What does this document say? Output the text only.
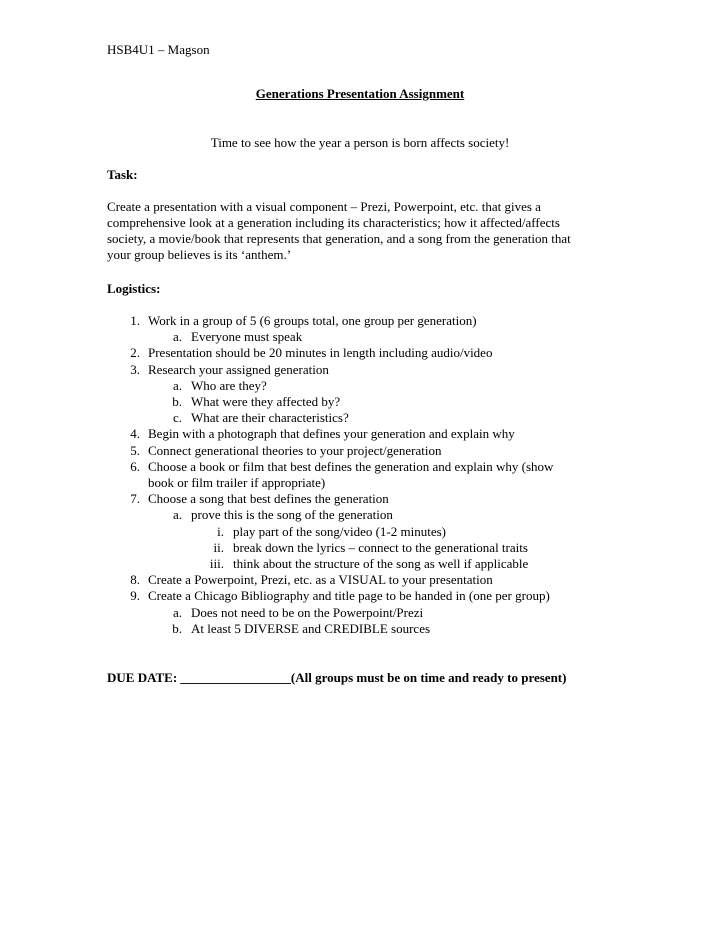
HSB4U1 – Magson
Generations Presentation Assignment
Time to see how the year a person is born affects society!
Task:
Create a presentation with a visual component – Prezi, Powerpoint, etc. that gives a
comprehensive look at a generation including its characteristics; how it affected/affects
society, a movie/book that represents that generation, and a song from the generation that
your group believes is its ‘anthem.’
Logistics:
1. Work in a group of 5 (6 groups total, one group per generation)
a. Everyone must speak
2. Presentation should be 20 minutes in length including audio/video
3. Research your assigned generation
a. Who are they?
b. What were they affected by?
c. What are their characteristics?
4. Begin with a photograph that defines your generation and explain why
5. Connect generational theories to your project/generation
6. Choose a book or film that best defines the generation and explain why (show
book or film trailer if appropriate)
7. Choose a song that best defines the generation
a. prove this is the song of the generation
i. play part of the song/video (1-2 minutes)
ii. break down the lyrics – connect to the generational traits
iii. think about the structure of the song as well if applicable
8. Create a Powerpoint, Prezi, etc. as a VISUAL to your presentation
9. Create a Chicago Bibliography and title page to be handed in (one per group)
a. Does not need to be on the Powerpoint/Prezi
b. At least 5 DIVERSE and CREDIBLE sources
DUE DATE: _________________(All groups must be on time and ready to present)
